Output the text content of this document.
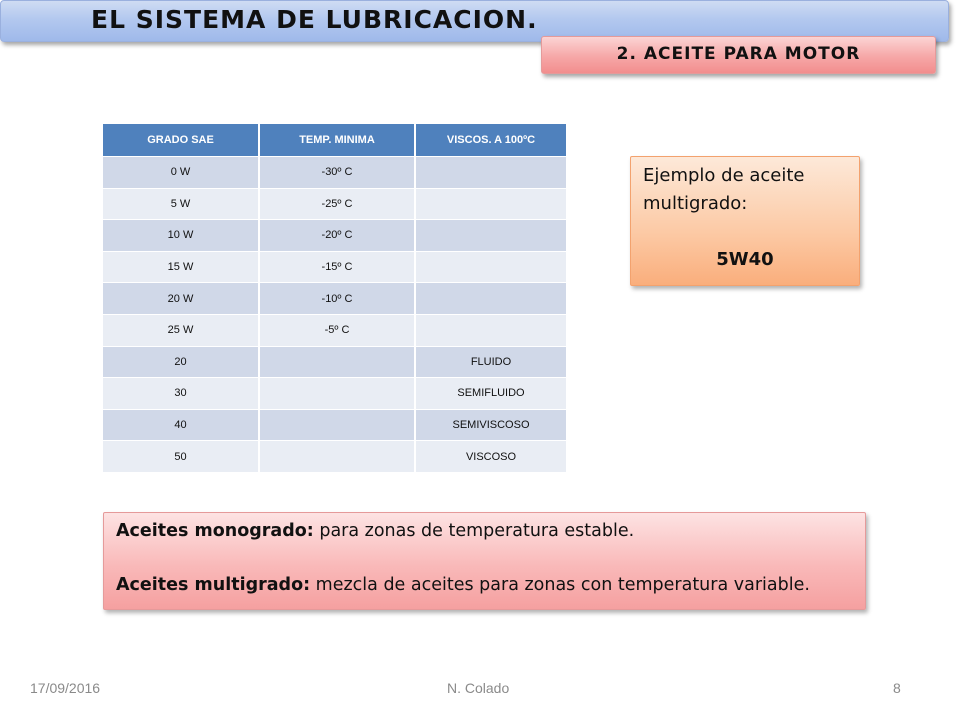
EL SISTEMA DE LUBRICACION.
2. ACEITE PARA MOTOR
GRADO SAE	TEMP. MINIMA	VISCOS. A 100ºC
0 W	-30º C	
5 W	-25º C	
10 W	-20º C	
15 W	-15º C	
20 W	-10º C	
25 W	-5º C	
20		FLUIDO
30		SEMIFLUIDO
40		SEMIVISCOSO
50		VISCOSO
Ejemplo de aceite
multigrado:
5W40
Aceites monogrado: para zonas de temperatura estable.
Aceites multigrado: mezcla de aceites para zonas con temperatura variable.
17/09/2016	N. Colado	8
